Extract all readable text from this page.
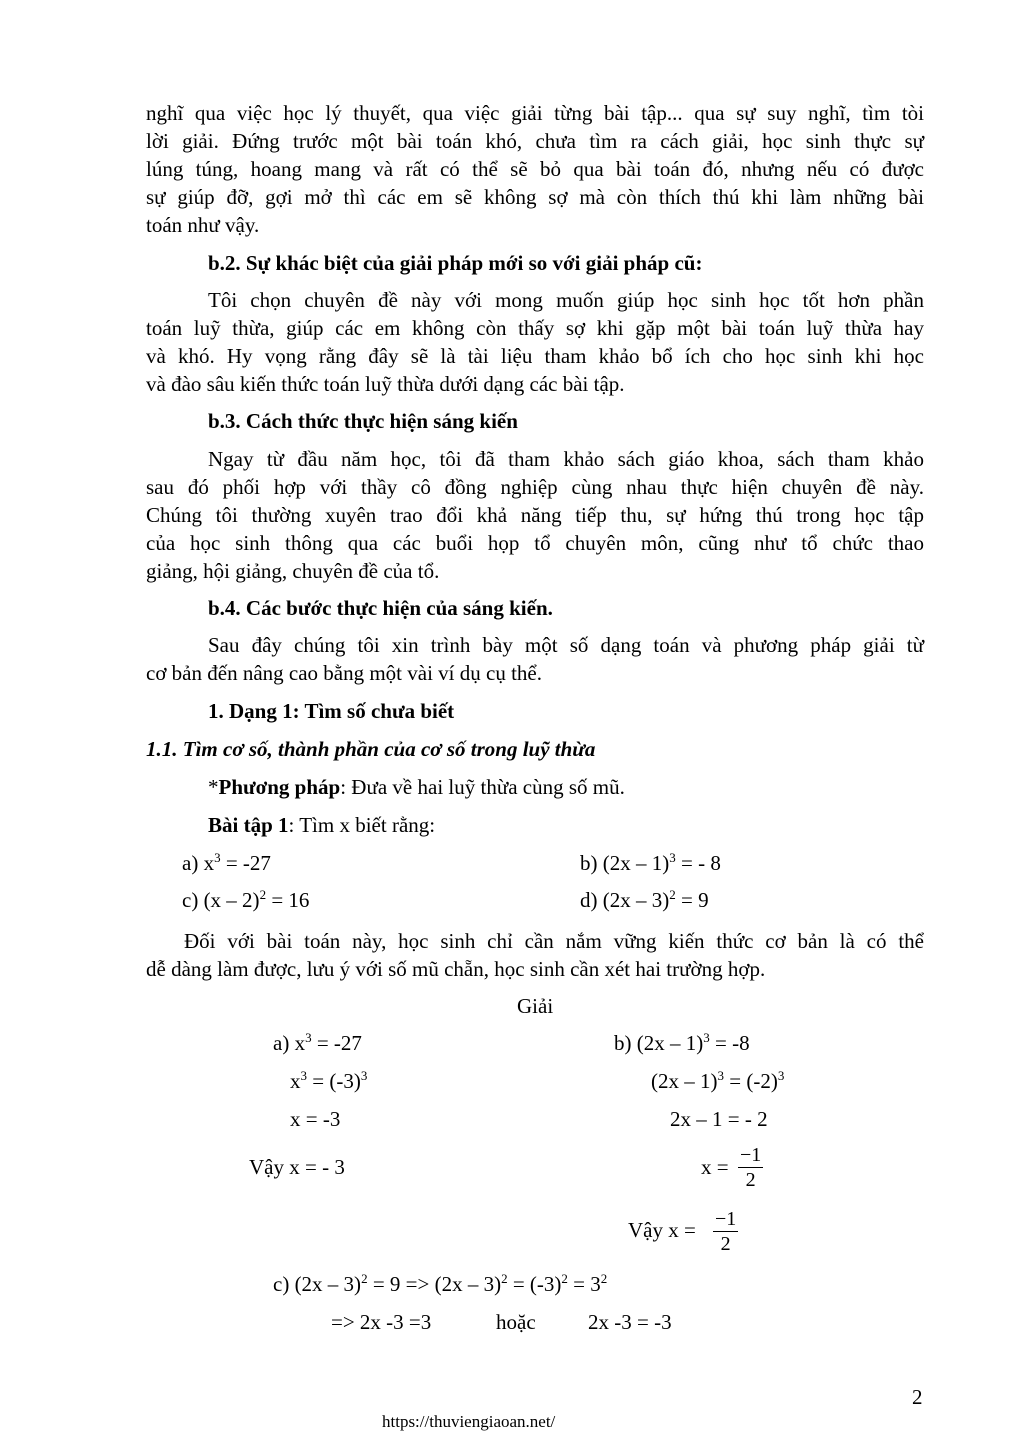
nghĩ qua việc học lý thuyết, qua việc giải từng bài tập... qua sự suy nghĩ, tìm tòi
lời giải. Đứng trước một bài toán khó, chưa tìm ra cách giải, học sinh thực sự
lúng túng, hoang mang và rất có thể sẽ bỏ qua bài toán đó, nhưng nếu có được
sự giúp đỡ, gợi mở thì các em sẽ không sợ mà còn thích thú khi làm những bài
toán như vậy.
b.2. Sự khác biệt của giải pháp mới so với giải pháp cũ:
Tôi chọn chuyên đề này với mong muốn giúp học sinh học tốt hơn phần
toán luỹ thừa, giúp các em không còn thấy sợ khi gặp một bài toán luỹ thừa hay
và khó. Hy vọng rằng đây sẽ là tài liệu tham khảo bổ ích cho học sinh khi học
và đào sâu kiến thức toán luỹ thừa dưới dạng các bài tập.
b.3. Cách thức thực hiện sáng kiến
Ngay từ đầu năm học, tôi đã tham khảo sách giáo khoa, sách tham khảo
sau đó phối hợp với thầy cô đồng nghiệp cùng nhau thực hiện chuyên đề này.
Chúng tôi thường xuyên trao đổi khả năng tiếp thu, sự hứng thú trong học tập
của học sinh thông qua các buổi họp tổ chuyên môn, cũng như tổ chức thao
giảng, hội giảng, chuyên đề của tổ.
b.4. Các bước thực hiện của sáng kiến.
Sau đây chúng tôi xin trình bày một số dạng toán và phương pháp giải từ
cơ bản đến nâng cao bằng một vài ví dụ cụ thể.
1. Dạng 1: Tìm số chưa biết
1.1. Tìm cơ số, thành phần của cơ số trong luỹ thừa
*Phương pháp: Đưa về hai luỹ thừa cùng số mũ.
Bài tập 1: Tìm x biết rằng:
a) $x^3 = -27$	b) (2x – 1)$^3$ = - 8
c) (x – 2)$^2$ = 16	d) (2x – 3)$^2$ = 9
Đối với bài toán này, học sinh chỉ cần nắm vững kiến thức cơ bản là có thể
dễ dàng làm được, lưu ý với số mũ chẵn, học sinh cần xét hai trường hợp.
Giải
a) $x^3 = -27$
$x^3 = (-3)^3$
x = -3
Vậy x = - 3
b) (2x – 1)$^3$ = -8
$(2x - 1)^3 = (-2)^3$
2x – 1 = - 2
$x = \frac{-1}{2}$
Vậy $x = \frac{-1}{2}$
c) $(2x - 3)^2 = 9 => (2x - 3)^2 = (-3)^2 = 3^2$
=> 2x -3 =3	hoặc 2x -3 = -3
2
https://thuviengiaoan.net/
